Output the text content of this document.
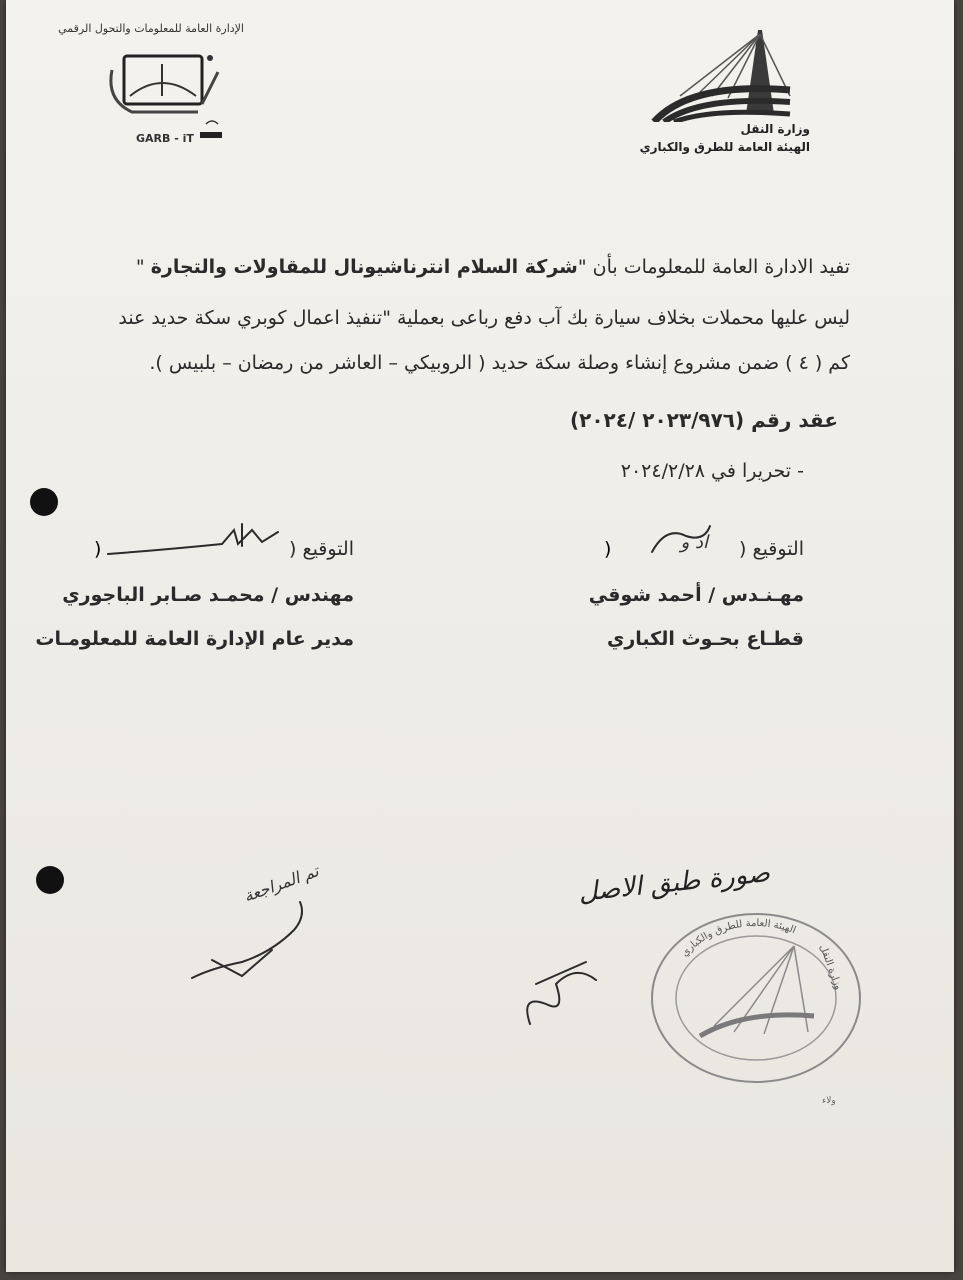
الإدارة العامة للمعلومات والتحول الرقمي
GARB - iT
وزارة النقل
الهيئة العامة للطرق والكباري
تفيد الادارة العامة للمعلومات بأن "شركة السلام انترناشيونال للمقاولات والتجارة "
ليس عليها محملات بخلاف سيارة بك آب دفع رباعى بعملية "تنفيذ اعمال كوبري سكة حديد عند
كم ( ٤ ) ضمن مشروع إنشاء وصلة سكة حديد ( الروبيكي – العاشر من رمضان – بلبيس ).
عقد رقم (٢٠٢٣/٩٧٦ /٢٠٢٤)
- تحريرا في ٢٠٢٤/٢/٢٨
التوقيع (
)	اد و
مهـنـدس / أحمد شوقي
قطـاع بحـوث الكباري
التوقيع (
)
مهندس / محمـد صـابر الباجوري
مدير عام الإدارة العامة للمعلومـات
صورة طبق الاصل
تم المراجعة
الهيئة العامة للطرق والكباري
وزارة النقل
ولاء
